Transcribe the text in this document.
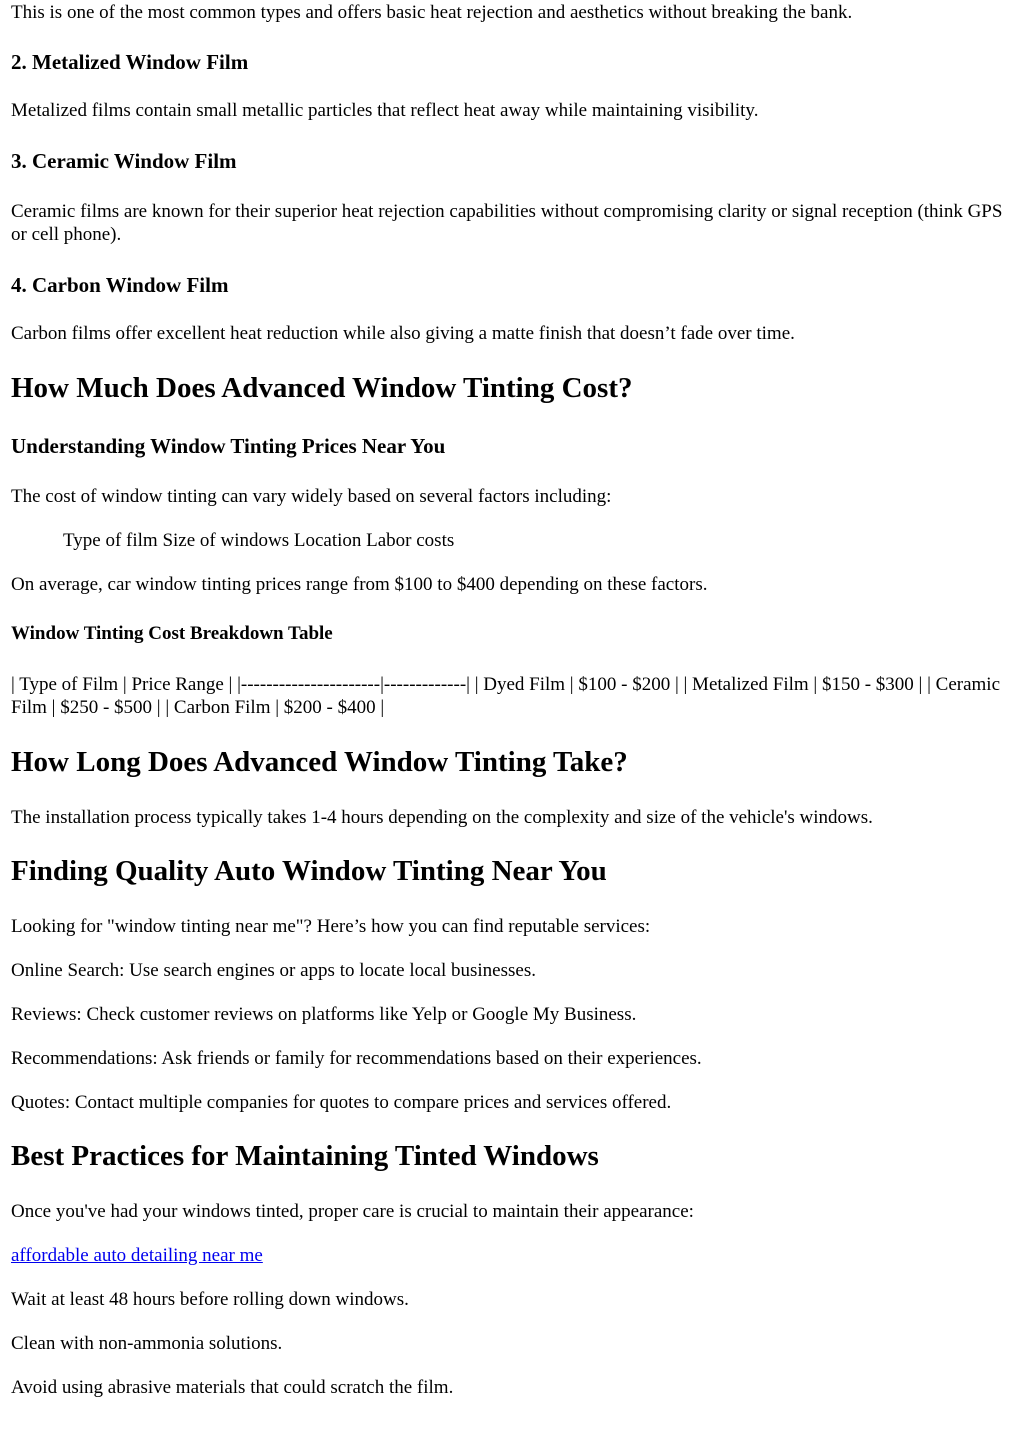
This is one of the most common types and offers basic heat rejection and aesthetics without breaking the bank.

2. Metalized Window Film

Metalized films contain small metallic particles that reflect heat away while maintaining visibility.

3. Ceramic Window Film

Ceramic films are known for their superior heat rejection capabilities without compromising clarity or signal reception (think GPS or cell phone).

4. Carbon Window Film

Carbon films offer excellent heat reduction while also giving a matte finish that doesn’t fade over time.

How Much Does Advanced Window Tinting Cost?
Understanding Window Tinting Prices Near You

The cost of window tinting can vary widely based on several factors including:

Type of film Size of windows Location Labor costs

On average, car window tinting prices range from $100 to $400 depending on these factors.

Window Tinting Cost Breakdown Table

| Type of Film | Price Range | |----------------------|-------------| | Dyed Film | $100 - $200 | | Metalized Film | $150 - $300 | | Ceramic Film | $250 - $500 | | Carbon Film | $200 - $400 |

How Long Does Advanced Window Tinting Take?

The installation process typically takes 1-4 hours depending on the complexity and size of the vehicle's windows.

Finding Quality Auto Window Tinting Near You

Looking for "window tinting near me"? Here’s how you can find reputable services:

Online Search: Use search engines or apps to locate local businesses.

Reviews: Check customer reviews on platforms like Yelp or Google My Business.

Recommendations: Ask friends or family for recommendations based on their experiences.

Quotes: Contact multiple companies for quotes to compare prices and services offered.

Best Practices for Maintaining Tinted Windows

Once you've had your windows tinted, proper care is crucial to maintain their appearance:

affordable auto detailing near me

Wait at least 48 hours before rolling down windows.

Clean with non-ammonia solutions.

Avoid using abrasive materials that could scratch the film.
